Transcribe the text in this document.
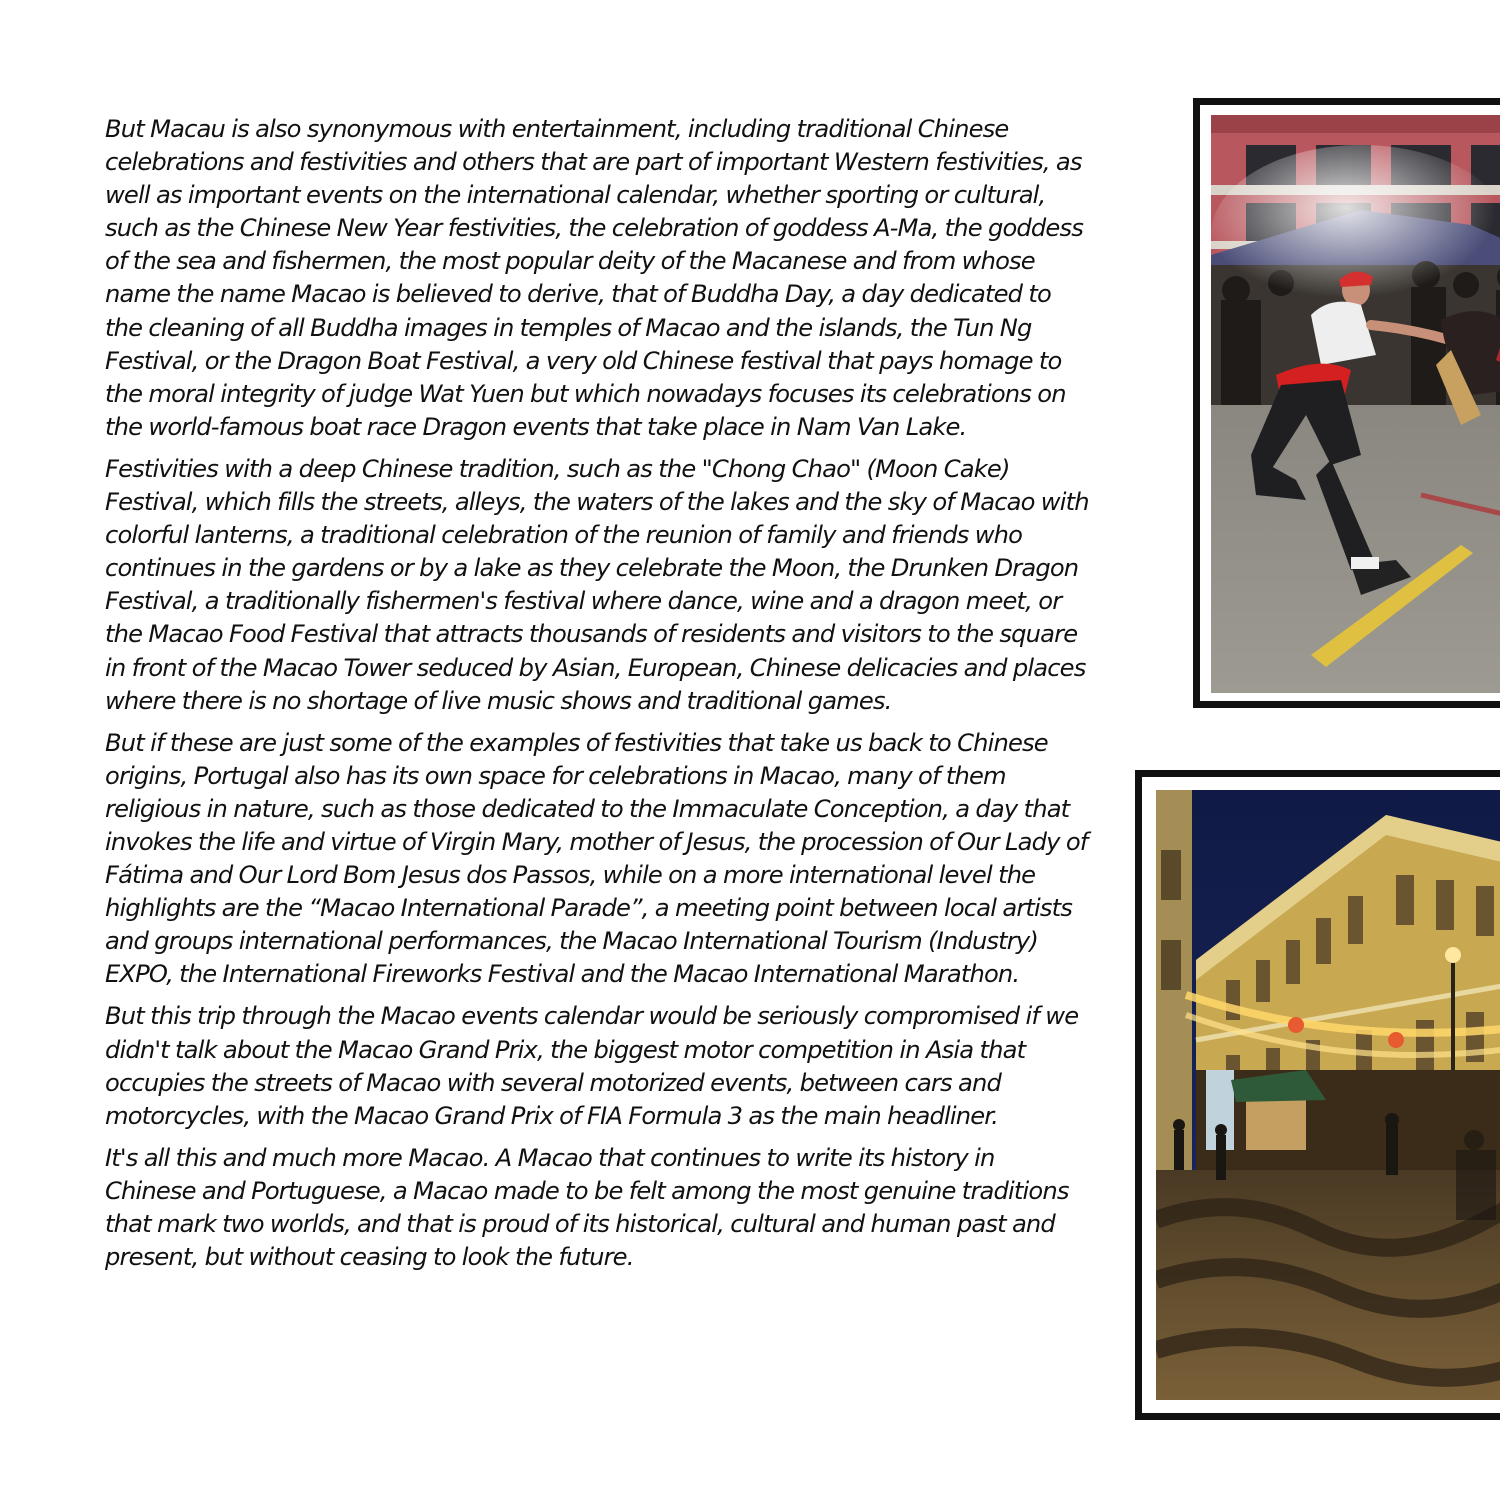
But Macau is also synonymous with entertainment, including traditional Chinese celebrations and festivities and others that are part of important Western festivities, as well as important events on the international calendar, whether sporting or cultural, such as the Chinese New Year festivities, the celebration of goddess A-Ma, the goddess of the sea and fishermen, the most popular deity of the Macanese and from whose name the name Macao is believed to derive, that of Buddha Day, a day dedicated to the cleaning of all Buddha images in temples of Macao and the islands, the Tun Ng Festival, or the Dragon Boat Festival, a very old Chinese festival that pays homage to the moral integrity of judge Wat Yuen but which nowadays focuses its celebrations on the world-famous boat race Dragon events that take place in Nam Van Lake.

Festivities with a deep Chinese tradition, such as the "Chong Chao" (Moon Cake) Festival, which fills the streets, alleys, the waters of the lakes and the sky of Macao with colorful lanterns, a traditional celebration of the reunion of family and friends who continues in the gardens or by a lake as they celebrate the Moon, the Drunken Dragon Festival, a traditionally fishermen's festival where dance, wine and a dragon meet, or the Macao Food Festival that attracts thousands of residents and visitors to the square in front of the Macao Tower seduced by Asian, European, Chinese delicacies and places where there is no shortage of live music shows and traditional games.

But if these are just some of the examples of festivities that take us back to Chinese origins, Portugal also has its own space for celebrations in Macao, many of them religious in nature, such as those dedicated to the Immaculate Conception, a day that invokes the life and virtue of Virgin Mary, mother of Jesus, the procession of Our Lady of Fátima and Our Lord Bom Jesus dos Passos, while on a more international level the highlights are the “Macao International Parade”, a meeting point between local artists and groups international performances, the Macao International Tourism (Industry) EXPO, the International Fireworks Festival and the Macao International Marathon.

But this trip through the Macao events calendar would be seriously compromised if we didn't talk about the Macao Grand Prix, the biggest motor competition in Asia that occupies the streets of Macao with several motorized events, between cars and motorcycles, with the Macao Grand Prix of FIA Formula 3 as the main headliner.

It's all this and much more Macao. A Macao that continues to write its history in Chinese and Portuguese, a Macao made to be felt among the most genuine traditions that mark two worlds, and that is proud of its historical, cultural and human past and present, but without ceasing to look the future.
